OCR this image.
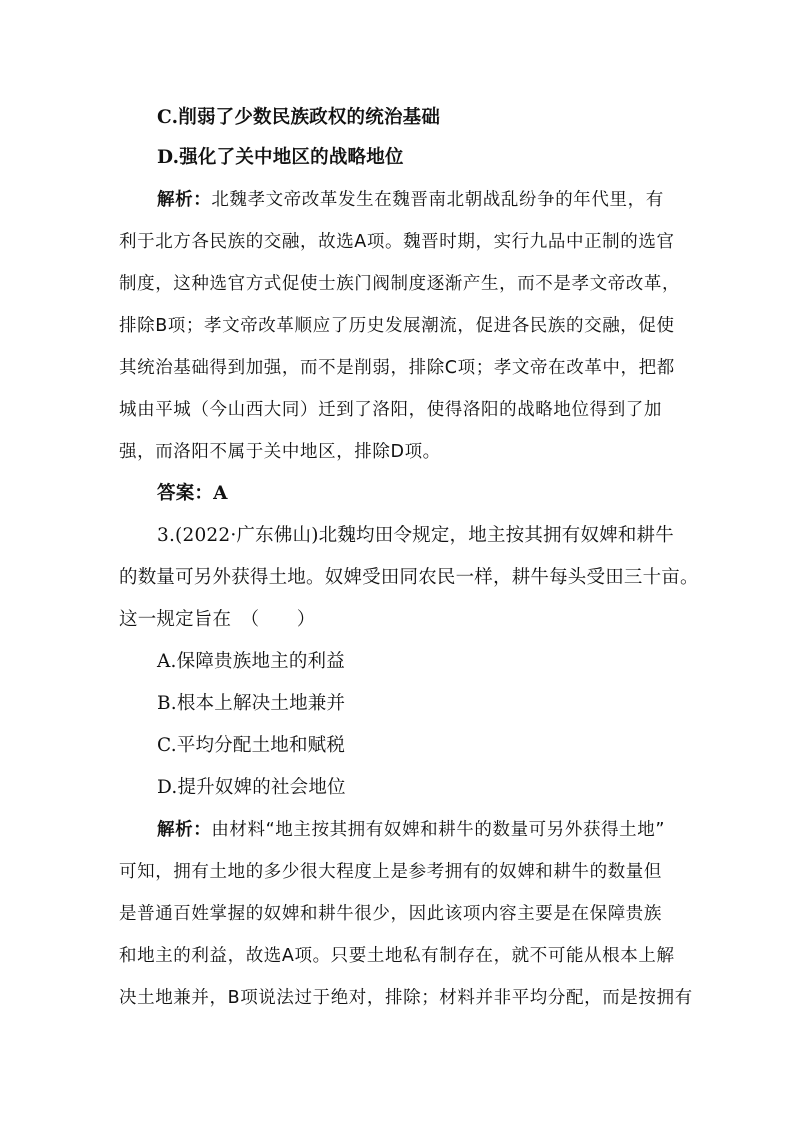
C.削弱了少数民族政权的统治基础
D.强化了关中地区的战略地位
解析：北魏孝文帝改革发生在魏晋南北朝战乱纷争的年代里，有
利于北方各民族的交融，故选A项。魏晋时期，实行九品中正制的选官
制度，这种选官方式促使士族门阀制度逐渐产生，而不是孝文帝改革，
排除B项；孝文帝改革顺应了历史发展潮流，促进各民族的交融，促使
其统治基础得到加强，而不是削弱，排除C项；孝文帝在改革中，把都
城由平城（今山西大同）迁到了洛阳，使得洛阳的战略地位得到了加
强，而洛阳不属于关中地区，排除D项。
答案：A
3.(2022·广东佛山)北魏均田令规定，地主按其拥有奴婢和耕牛
的数量可另外获得土地。奴婢受田同农民一样，耕牛每头受田三十亩。
这一规定旨在　（　　）
A.保障贵族地主的利益
B.根本上解决土地兼并
C.平均分配土地和赋税
D.提升奴婢的社会地位
解析：由材料“地主按其拥有奴婢和耕牛的数量可另外获得土地”
可知，拥有土地的多少很大程度上是参考拥有的奴婢和耕牛的数量但
是普通百姓掌握的奴婢和耕牛很少，因此该项内容主要是在保障贵族
和地主的利益，故选A项。只要土地私有制存在，就不可能从根本上解
决土地兼并，B项说法过于绝对，排除；材料并非平均分配，而是按拥有
